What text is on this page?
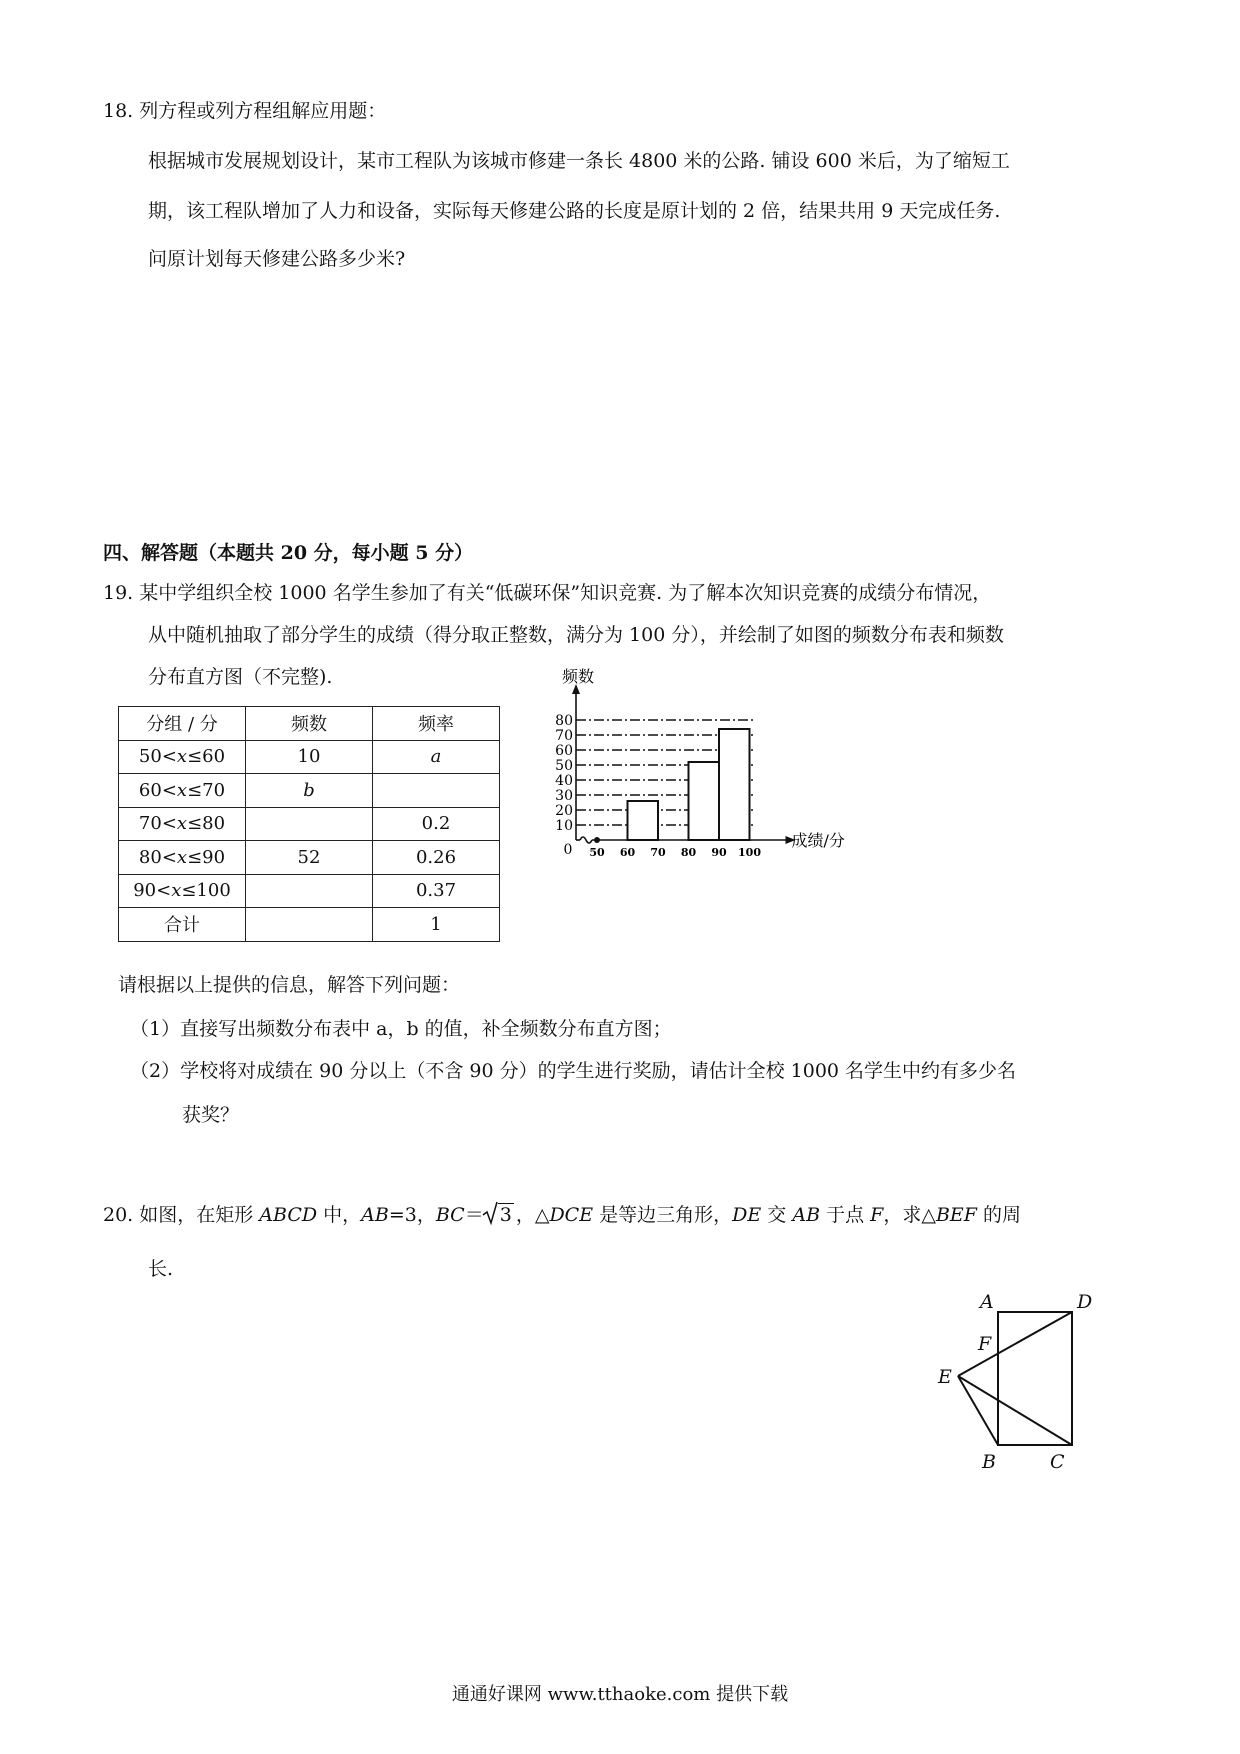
18. 列方程或列方程组解应用题：
根据城市发展规划设计，某市工程队为该城市修建一条长 4800 米的公路. 铺设 600 米后，为了缩短工
期，该工程队增加了人力和设备，实际每天修建公路的长度是原计划的 2 倍，结果共用 9 天完成任务.
问原计划每天修建公路多少米?
四、解答题（本题共 20 分，每小题 5 分）
19. 某中学组织全校 1000 名学生参加了有关“低碳环保”知识竞赛. 为了解本次知识竞赛的成绩分布情况，
从中随机抽取了部分学生的成绩（得分取正整数，满分为 100 分），并绘制了如图的频数分布表和频数
分布直方图（不完整).
分组 / 分	频数	频率
50<x≤60	10	a
60<x≤70	b	
70<x≤80		0.2
80<x≤90	52	0.26
90<x≤100		0.37
合计		1
10
20
30
40
50
60
70
80
50 60 70 80 90 100
0
频数
成绩/分
请根据以上提供的信息，解答下列问题：
（1）直接写出频数分布表中 a，b 的值，补全频数分布直方图；
（2）学校将对成绩在 90 分以上（不含 90 分）的学生进行奖励，请估计全校 1000 名学生中约有多少名
获奖？
20. 如图，在矩形 ABCD 中，AB=3，BC＝ 3 ，△DCE 是等边三角形，DE 交 AB 于点 F，求△BEF 的周
长.
A	D
F
E
B	C
通通好课网 www.tthaoke.com 提供下载
